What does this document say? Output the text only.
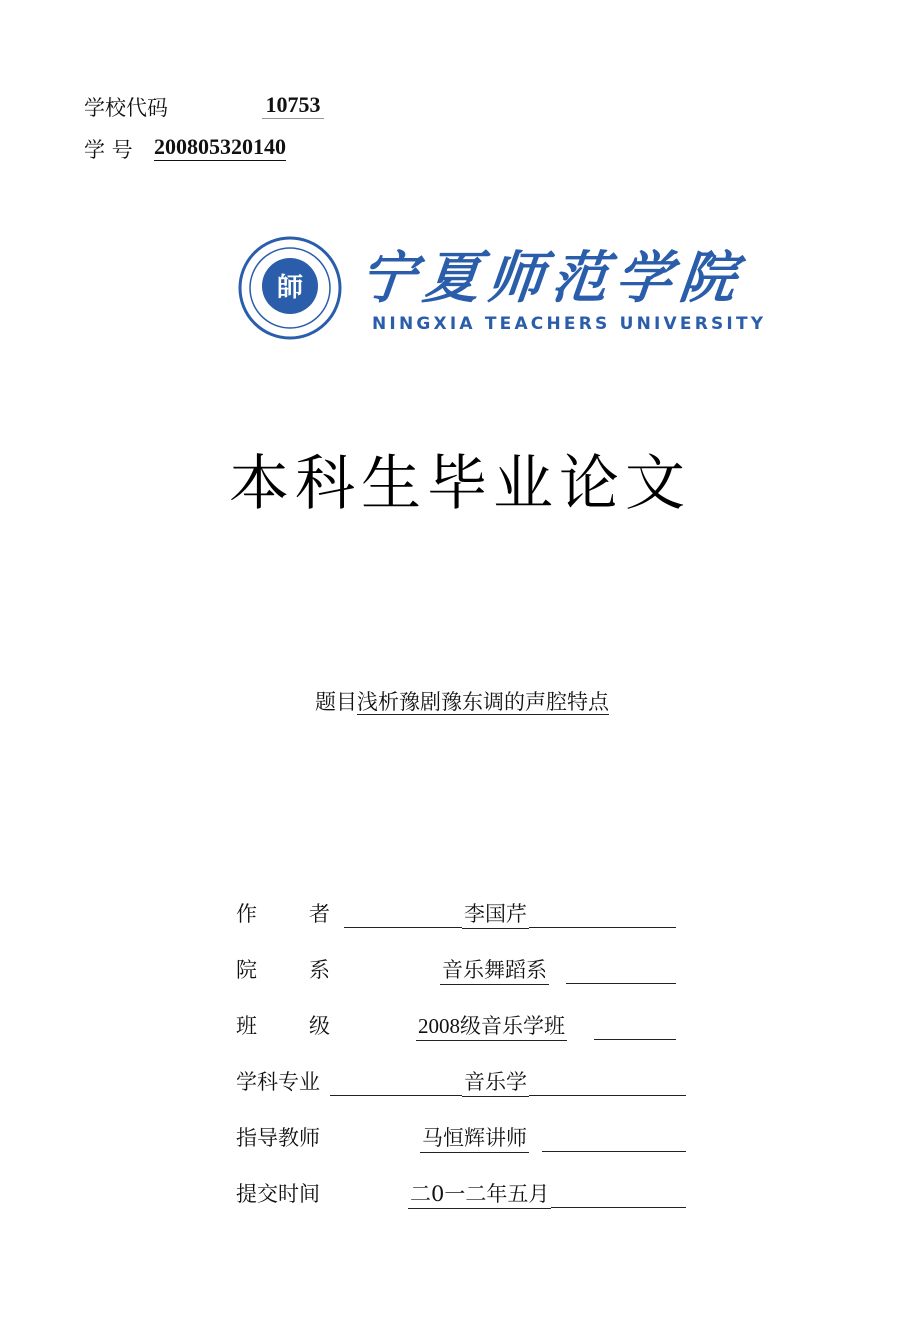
学校代码	10753
学 号 200805320140
師 宁夏师范学院
NINGXIA TEACHERS UNIVERSITY
本科生毕业论文
题目浅析豫剧豫东调的声腔特点
作者	李国芹
院系	音乐舞蹈系
班级	2008级音乐学班
学科专业	音乐学
指导教师	马恒辉讲师
提交时间	二0一二年五月
